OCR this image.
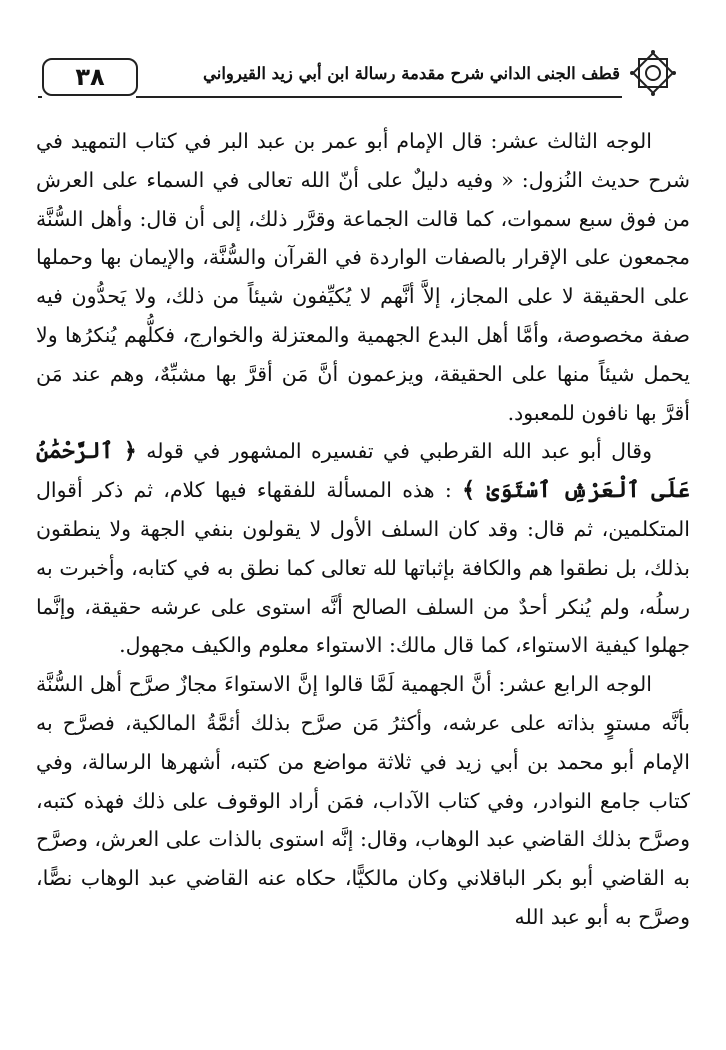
٣٨	قطف الجنى الداني شرح مقدمة رسالة ابن أبي زيد القيرواني

الوجه الثالث عشر: قال الإمام أبو عمر بن عبد البر في كتاب التمهيد في شرح حديث النُزول: « وفيه دليلٌ على أنّ الله تعالى في السماء على العرش من فوق سبع سموات، كما قالت الجماعة وقرَّر ذلك، إلى أن قال: وأهل السُّنَّة مجمعون على الإقرار بالصفات الواردة في القرآن والسُّنَّة، والإيمان بها وحملها على الحقيقة لا على المجاز، إلاَّ أنَّهم لا يُكيِّفون شيئاً من ذلك، ولا يَحدُّون فيه صفة مخصوصة، وأمَّا أهل البدع الجهمية والمعتزلة والخوارج، فكلُّهم يُنكرُها ولا يحمل شيئاً منها على الحقيقة، ويزعمون أنَّ مَن أقرَّ بها مشبِّهٌ، وهم عند مَن أقرَّ بها نافون للمعبود.

وقال أبو عبد الله القرطبي في تفسيره المشهور في قوله ﴿ ٱلرَّحْمَٰنُ عَلَى ٱلْعَرْشِ ٱسْتَوَىٰ ﴾ : هذه المسألة للفقهاء فيها كلام، ثم ذكر أقوال المتكلمين، ثم قال: وقد كان السلف الأول لا يقولون بنفي الجهة ولا ينطقون بذلك، بل نطقوا هم والكافة بإثباتها لله تعالى كما نطق به في كتابه، وأخبرت به رسلُه، ولم يُنكر أحدٌ من السلف الصالح أنَّه استوى على عرشه حقيقة، وإنَّما جهلوا كيفية الاستواء، كما قال مالك: الاستواء معلوم والكيف مجهول.

الوجه الرابع عشر: أنَّ الجهمية لَمَّا قالوا إنَّ الاستواءَ مجازٌ صرَّح أهل السُّنَّة بأنَّه مستوٍ بذاته على عرشه، وأكثرُ مَن صرَّح بذلك أئمَّةُ المالكية، فصرَّح به الإمام أبو محمد بن أبي زيد في ثلاثة مواضع من كتبه، أشهرها الرسالة، وفي كتاب جامع النوادر، وفي كتاب الآداب، فمَن أراد الوقوف على ذلك فهذه كتبه، وصرَّح بذلك القاضي عبد الوهاب، وقال: إنَّه استوى بالذات على العرش، وصرَّح به القاضي أبو بكر الباقلاني وكان مالكيًّا، حكاه عنه القاضي عبد الوهاب نصًّا، وصرَّح به أبو عبد الله
